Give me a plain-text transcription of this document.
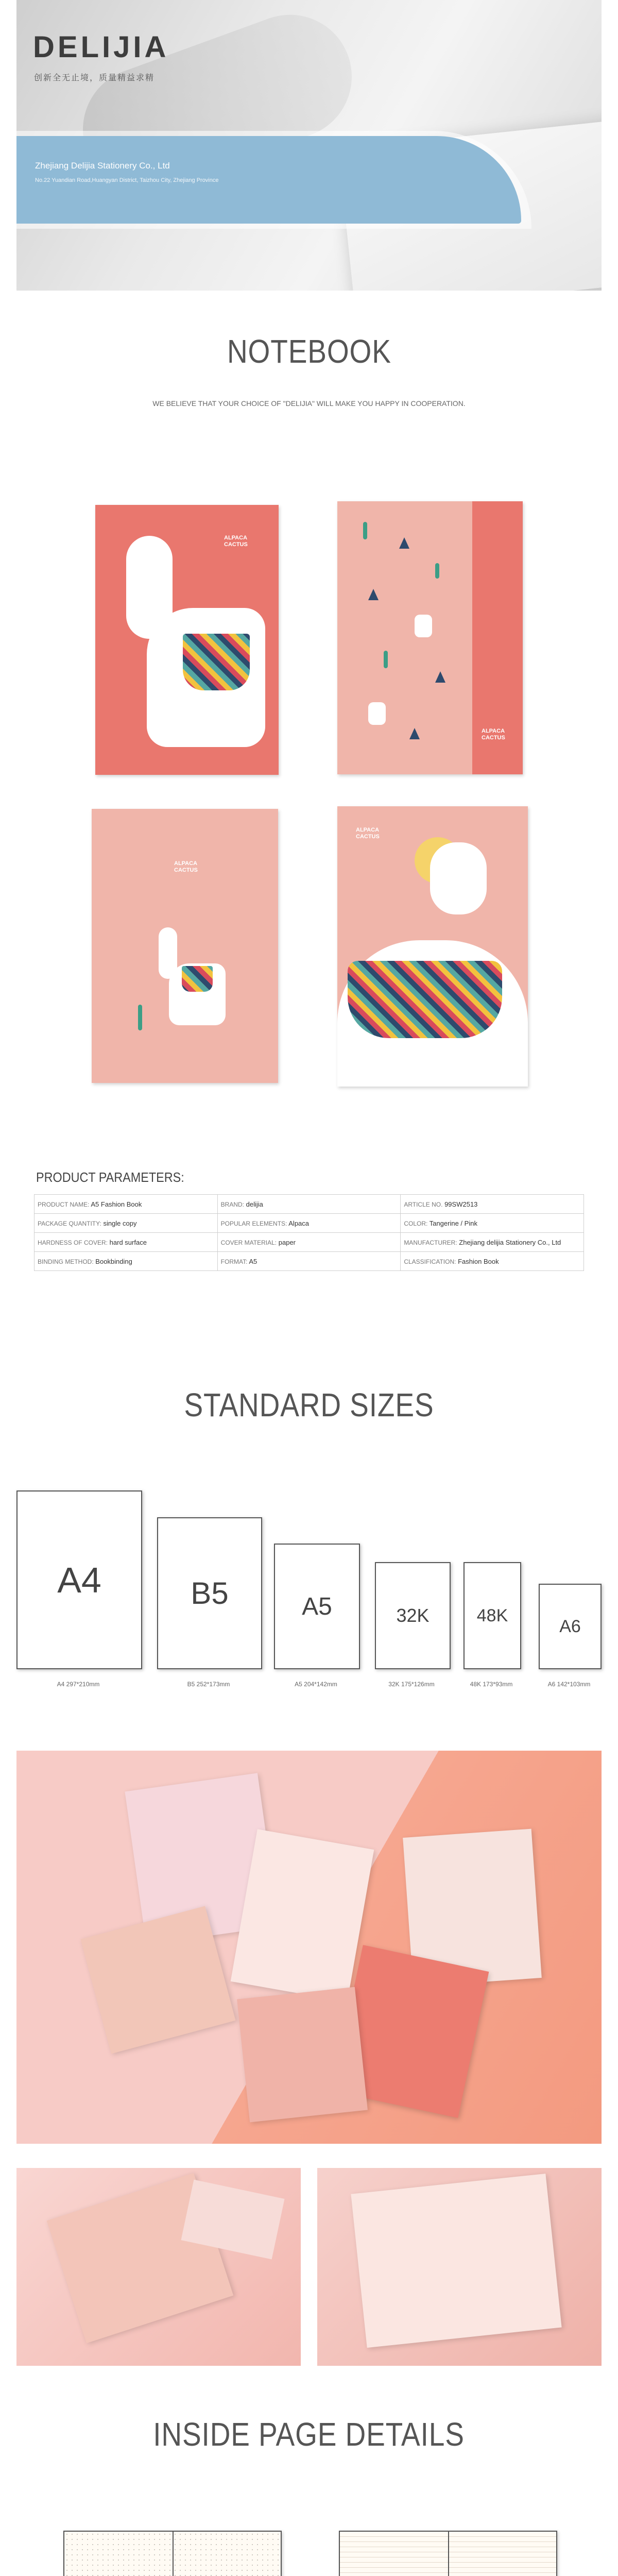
DELIJIA
创新全无止境，质量精益求精
Zhejiang Delijia Stationery Co., Ltd
No.22 Yuandian Road,Huangyan District, Taizhou City, Zhejiang Province
NOTEBOOK
WE BELIEVE THAT YOUR CHOICE OF "DELIJIA" WILL MAKE YOU HAPPY IN COOPERATION.
ALPACA
CACTUS
ALPACA
CACTUS
ALPACA
CACTUS
ALPACA
CACTUS
PRODUCT PARAMETERS:
PRODUCT NAME: A5 Fashion Book	BRAND: delijia	ARTICLE NO. 99SW2513
PACKAGE QUANTITY: single copy	POPULAR ELEMENTS: Alpaca	COLOR: Tangerine / Pink
HARDNESS OF COVER: hard surface	COVER MATERIAL: paper	MANUFACTURER: Zhejiang delijia Stationery Co., Ltd
BINDING METHOD: Bookbinding	FORMAT: A5	CLASSIFICATION: Fashion Book
STANDARD SIZES
A4	B5	A5	32K	48K
A6
A4 297*210mm	B5 252*173mm	A5 204*142mm	32K 175*126mm	48K 173*93mm	A6 142*103mm
INSIDE PAGE DETAILS
